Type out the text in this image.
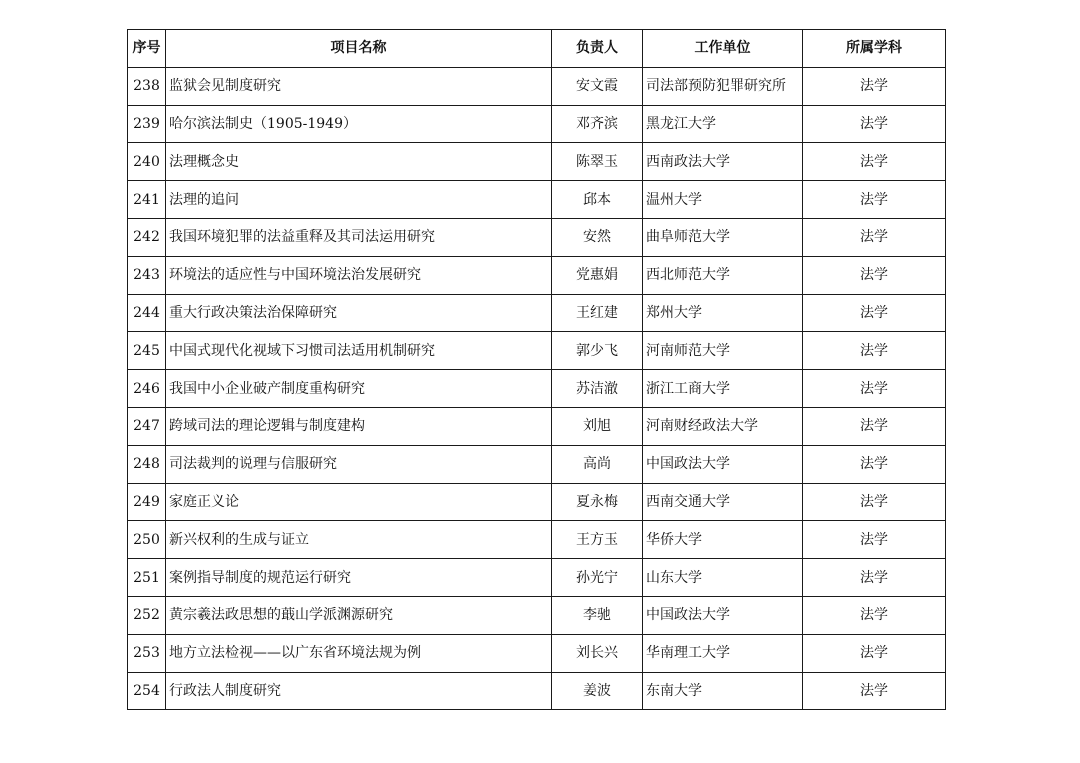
序号	项目名称	负责人	工作单位	所属学科
238	监狱会见制度研究	安文霞	司法部预防犯罪研究所	法学
239	哈尔滨法制史（1905-1949）	邓齐滨	黑龙江大学	法学
240	法理概念史	陈翠玉	西南政法大学	法学
241	法理的追问	邱本	温州大学	法学
242	我国环境犯罪的法益重释及其司法运用研究	安然	曲阜师范大学	法学
243	环境法的适应性与中国环境法治发展研究	党惠娟	西北师范大学	法学
244	重大行政决策法治保障研究	王红建	郑州大学	法学
245	中国式现代化视域下习惯司法适用机制研究	郭少飞	河南师范大学	法学
246	我国中小企业破产制度重构研究	苏洁澈	浙江工商大学	法学
247	跨域司法的理论逻辑与制度建构	刘旭	河南财经政法大学	法学
248	司法裁判的说理与信服研究	高尚	中国政法大学	法学
249	家庭正义论	夏永梅	西南交通大学	法学
250	新兴权利的生成与证立	王方玉	华侨大学	法学
251	案例指导制度的规范运行研究	孙光宁	山东大学	法学
252	黄宗羲法政思想的蕺山学派渊源研究	李驰	中国政法大学	法学
253	地方立法检视——以广东省环境法规为例	刘长兴	华南理工大学	法学
254	行政法人制度研究	姜波	东南大学	法学
